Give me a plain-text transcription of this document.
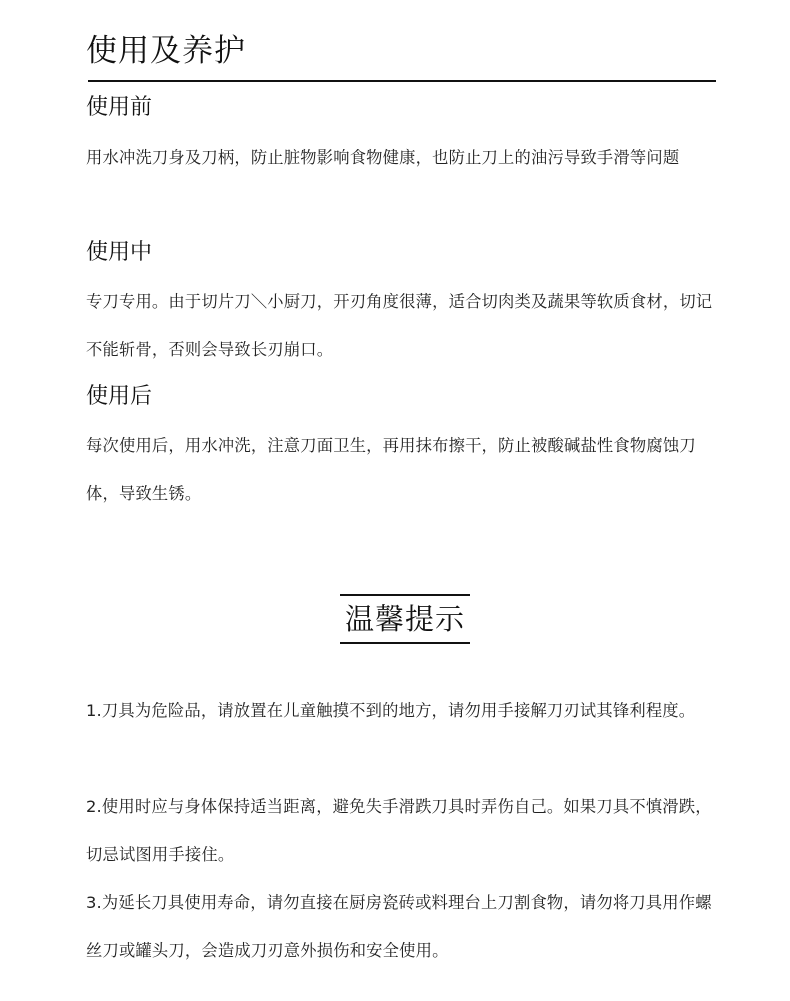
使用及养护
使用前
用水冲洗刀身及刀柄，防止脏物影响食物健康，也防止刀上的油污导致手滑等问题
使用中
专刀专用。由于切片刀＼小厨刀，开刃角度很薄，适合切肉类及蔬果等软质食材，切记不能斩骨，否则会导致长刃崩口。
使用后
每次使用后，用水冲洗，注意刀面卫生，再用抹布擦干，防止被酸碱盐性食物腐蚀刀体，导致生锈。
温馨提示
1.刀具为危险品，请放置在儿童触摸不到的地方，请勿用手接解刀刃试其锋利程度。
2.使用时应与身体保持适当距离，避免失手滑跌刀具时弄伤自己。如果刀具不慎滑跌，切忌试图用手接住。
3.为延长刀具使用寿命，请勿直接在厨房瓷砖或料理台上刀割食物，请勿将刀具用作螺丝刀或罐头刀，会造成刀刃意外损伤和安全使用。
